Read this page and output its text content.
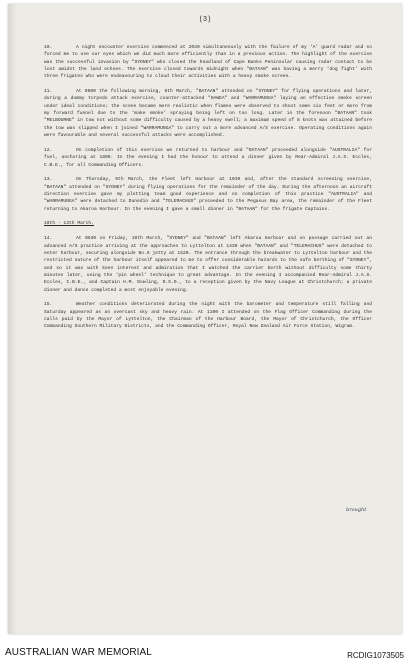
(3)

10.	A night encounter exercise commenced at 2030 simultaneously with the failure of my ‘A’ guard radar and so forced me to use our eyes which we did much more efficiently than in a previous action. The highlight of the exercise was the successful invasion by "SYDNEY" who closed the headland of Cape Banks Peninsular causing radar contact to be lost amidst the land echoes. The exercise closed towards midnight when "BATAAN" was having a merry ‘dog fight’ with three frigates who were endeavouring to cloud their activities with a heavy smoke screen.

11.	At 0600 the following morning, 8th March, "BATAAN" attended on "SYDNEY" for flying operations and later, during a dummy torpedo attack exercise, counter-attacked "HAWEA" and "WARRAMUNGA" laying an effective smoke screen under ideal conditions; the scene became more realistic when flames were observed to shoot some six feet or more from my forward funnel due to the ‘make smoke’ spraying being left on too long. Later in the forenoon "BATAAN" took "MELBOURNE" in tow not without some difficulty caused by a heavy swell; a maximum speed of 8 knots was attained before the tow was slipped when I joined "WARRAMUNGA" to carry out a more advanced A/S exercise. Operating conditions again were favourable and several successful attacks were accomplished.

12.	On completion of this exercise we returned to harbour and "BATAAN" proceeded alongside "AUSTRALIA" for fuel, anchoring at 1800. In the evening I had the honour to attend a dinner given by Rear-Admiral J.A.S. Eccles, C.B.E., for all Commanding Officers.

13.	On Thursday, 9th March, the Fleet left Harbour at 1030 and, after the standard screening exercise, "BATAAN" attended on "SYDNEY" during flying operations for the remainder of the day. During the afternoon an aircraft direction exercise gave my plotting team good experience and on completion of this practice "AUSTRALIA" and "WARRAMUNGA" were detached to Dunedin and "TELEMACHUS" proceeded to the Pegasus Bay area, the remainder of the Fleet returning to Akaroa Harbour. In the evening I gave a small dinner in "BATAAN" for the frigate Captains.

10th - 13th March.

14.	At 0630 on Friday, 10th March, "SYDNEY" and "BATAAN" left Akaroa Harbour and on passage carried out an advanced A/S practice arriving at the approaches to Lyttelton at 1430 when "BATAAN" and "TELEMACHUS" were detached to enter harbour, securing alongside No.6 jetty at 1520. The entrance through the breakwater to Lyttelton harbour and the restricted nature of the harbour itself appeared to me to offer considerable hazards to the safe berthing of "SYDNEY", and so it was with keen interest and admiration that I watched the carrier berth without difficulty some thirty minutes later, using the ‘pin wheel’ technique to great advantage. In the evening I accompanied Rear-Admiral J.A.S. Eccles, C.B.E., and Captain H.M. Dowling, D.S.O., to a reception given by the Navy League at Christchurch; a private dinner and dance completed a most enjoyable evening.

15.	Weather conditions deteriorated during the night with the barometer and temperature still falling and Saturday appeared as an overcast sky and heavy rain. At 1100 I attended on the Flag Officer Commanding during the calls paid by the Mayor of Lyttelton, the Chairman of the Harbour Board, the Mayor of Christchurch, the Officer Commanding Southern Military Districts, and the Commanding Officer, Royal New Zealand Air Force Station, Wigram.

brought
AUSTRALIAN WAR MEMORIAL	RCDIG1073505
